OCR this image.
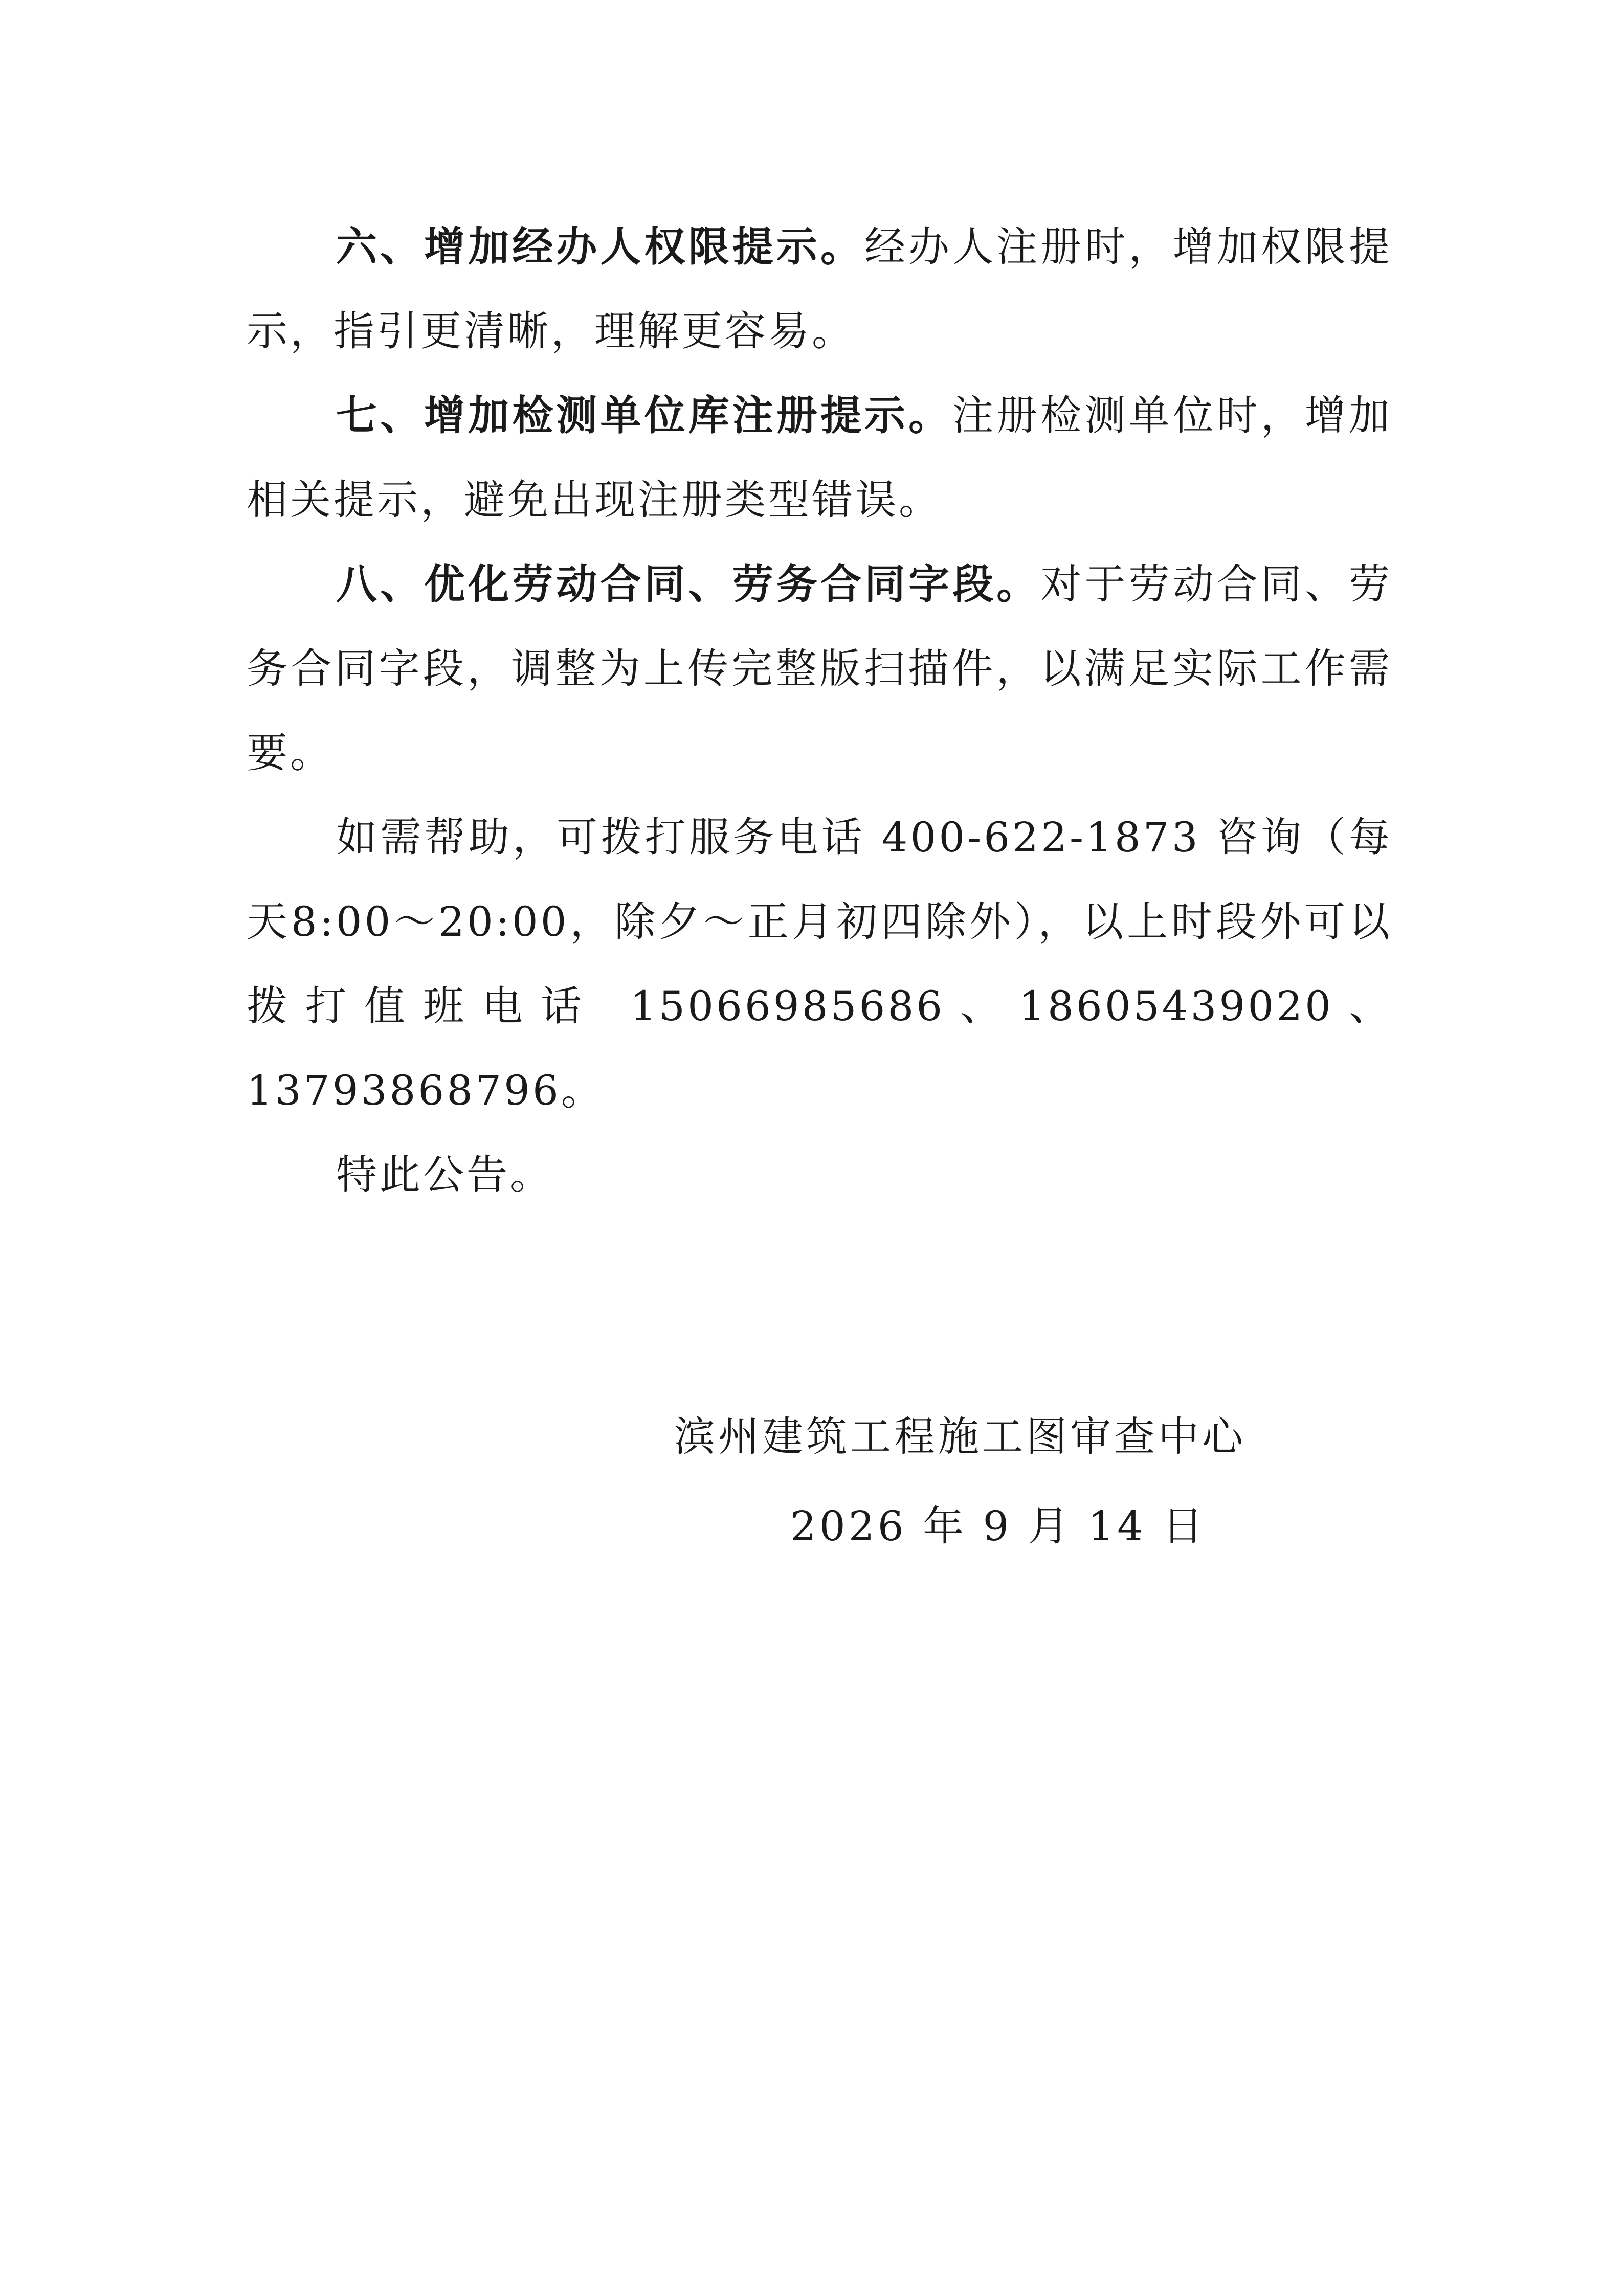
六、增加经办人权限提示。经办人注册时，增加权限提示，指引更清晰，理解更容易。

七、增加检测单位库注册提示。注册检测单位时，增加相关提示，避免出现注册类型错误。

八、优化劳动合同、劳务合同字段。对于劳动合同、劳务合同字段，调整为上传完整版扫描件，以满足实际工作需要。

如需帮助，可拨打服务电话 400-622-1873 咨询（每天8:00～20:00，除夕～正月初四除外），以上时段外可以拨打值班电话 15066985686、18605439020、13793868796。

特此公告。

滨州建筑工程施工图审查中心
2026 年 9 月 14 日
